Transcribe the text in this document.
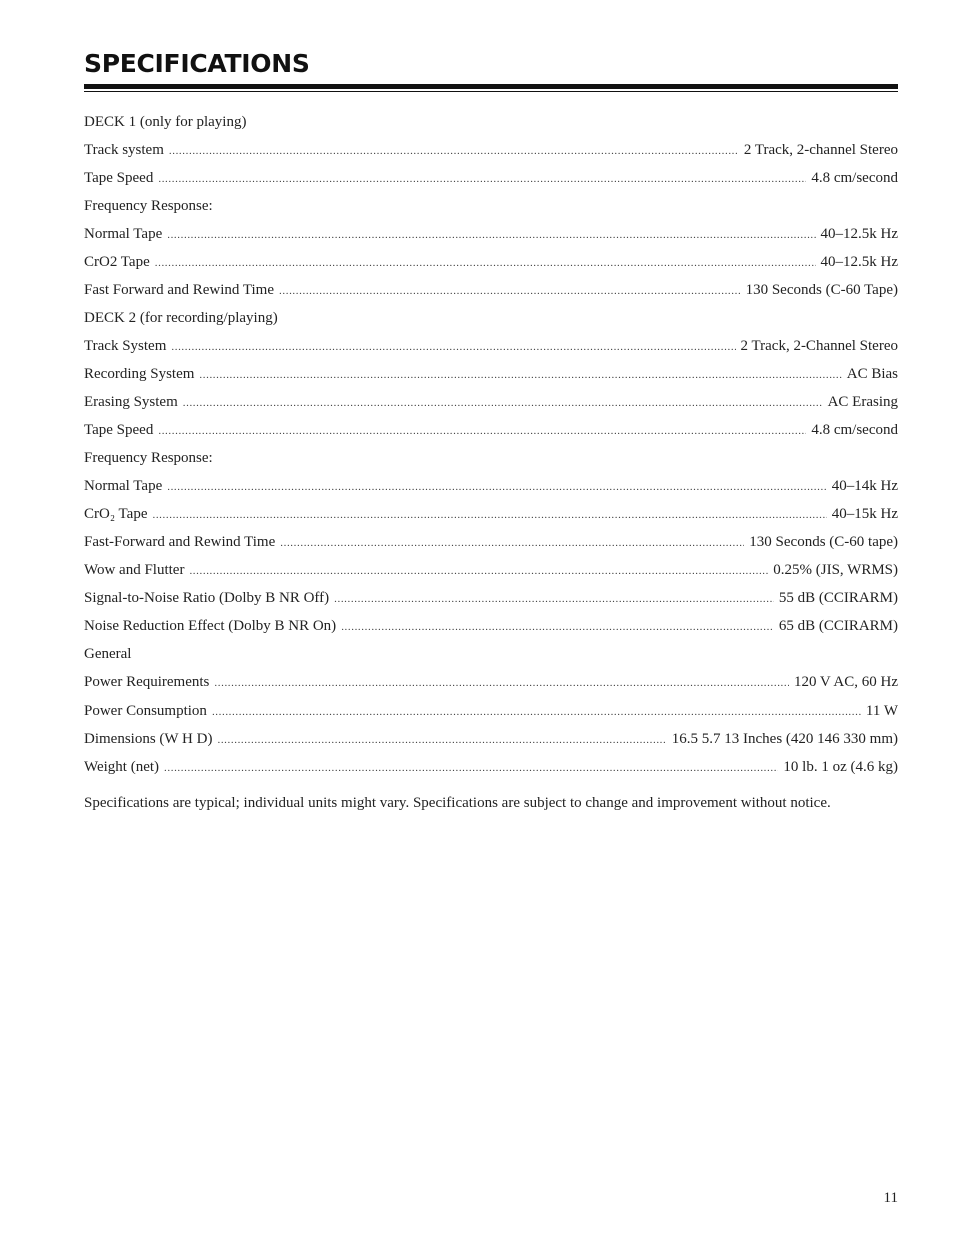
SPECIFICATIONS
DECK 1 (only for playing)
Track system .....	2 Track, 2-channel Stereo
Tape Speed .....	4.8 cm/second
Frequency Response:
Normal Tape .....	40–12.5k Hz
CrO2 Tape .....	40–12.5k Hz
Fast Forward and Rewind Time .....	130 Seconds (C-60 Tape)
DECK 2 (for recording/playing)
Track System .....	2 Track, 2-Channel Stereo
Recording System .....	AC Bias
Erasing System .....	AC Erasing
Tape Speed .....	4.8 cm/second
Frequency Response:
Normal Tape .....	40–14k Hz
CrO₂ Tape .....	40–15k Hz
Fast-Forward and Rewind Time .....	130 Seconds (C-60 tape)
Wow and Flutter .....	0.25% (JIS, WRMS)
Signal-to-Noise Ratio (Dolby B NR Off) .....	55 dB (CCIRARM)
Noise Reduction Effect (Dolby B NR On) .....	65 dB (CCIRARM)
General
Power Requirements .....	120 V AC, 60 Hz
Power Consumption .....	11 W
Dimensions (W H D) .....	16.5 5.7 13 Inches (420 146 330 mm)
Weight (net) .....	10 lb. 1 oz (4.6 kg)

Specifications are typical; individual units might vary. Specifications are subject to change and improvement without notice.

11
